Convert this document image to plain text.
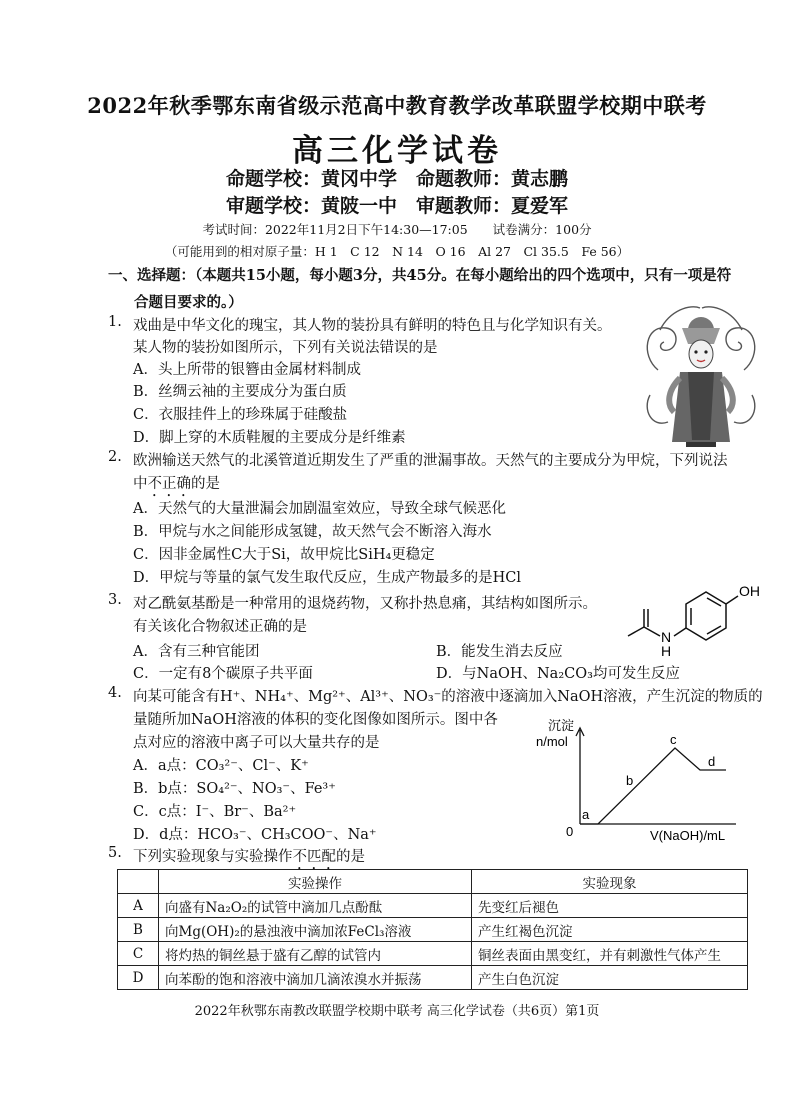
2022年秋季鄂东南省级示范高中教育教学改革联盟学校期中联考
高三化学试卷
命题学校：黄冈中学　命题教师：黄志鹏
审题学校：黄陂一中　审题教师：夏爱军
考试时间：2022年11月2日下午14:30—17:05　　试卷满分：100分
（可能用到的相对原子量：H 1　C 12　N 14　O 16　Al 27　Cl 35.5　Fe 56）
一、选择题：（本题共15小题，每小题3分，共45分。在每小题给出的四个选项中，只有一项是符
合题目要求的。）
1. 戏曲是中华文化的瑰宝，其人物的装扮具有鲜明的特色且与化学知识有关。
某人物的装扮如图所示，下列有关说法错误的是
A．头上所带的银簪由金属材料制成
B．丝绸云袖的主要成分为蛋白质
C．衣服挂件上的珍珠属于硅酸盐
D．脚上穿的木质鞋履的主要成分是纤维素
2. 欧洲输送天然气的北溪管道近期发生了严重的泄漏事故。天然气的主要成分为甲烷，下列说法
中不正确的是
A．天然气的大量泄漏会加剧温室效应，导致全球气候恶化
B．甲烷与水之间能形成氢键，故天然气会不断溶入海水
C．因非金属性C大于Si，故甲烷比SiH₄更稳定
D．甲烷与等量的氯气发生取代反应，生成产物最多的是HCl
3. 对乙酰氨基酚是一种常用的退烧药物，又称扑热息痛，其结构如图所示。
有关该化合物叙述正确的是
A．含有三种官能团	B．能发生消去反应
C．一定有8个碳原子共平面	D．与NaOH、Na₂CO₃均可发生反应
OH
N
H
4. 向某可能含有H⁺、NH₄⁺、Mg²⁺、Al³⁺、NO₃⁻的溶液中逐滴加入NaOH溶液，产生沉淀的物质的
量随所加NaOH溶液的体积的变化图像如图所示。图中各
点对应的溶液中离子可以大量共存的是
A．a点：CO₃²⁻、Cl⁻、K⁺
B．b点：SO₄²⁻、NO₃⁻、Fe³⁺
C．c点：I⁻、Br⁻、Ba²⁺
D．d点：HCO₃⁻、CH₃COO⁻、Na⁺
沉淀
n/mol
0	V(NaOH)/mL
a
b
c
d
5. 下列实验现象与实验操作不匹配的是
	实验操作	实验现象
A	向盛有Na₂O₂的试管中滴加几点酚酞	先变红后褪色
B	向Mg(OH)₂的悬浊液中滴加浓FeCl₃溶液	产生红褐色沉淀
C	将灼热的铜丝悬于盛有乙醇的试管内	铜丝表面由黑变红，并有刺激性气体产生
D	向苯酚的饱和溶液中滴加几滴浓溴水并振荡	产生白色沉淀
2022年秋鄂东南教改联盟学校期中联考 高三化学试卷（共6页）第1页
